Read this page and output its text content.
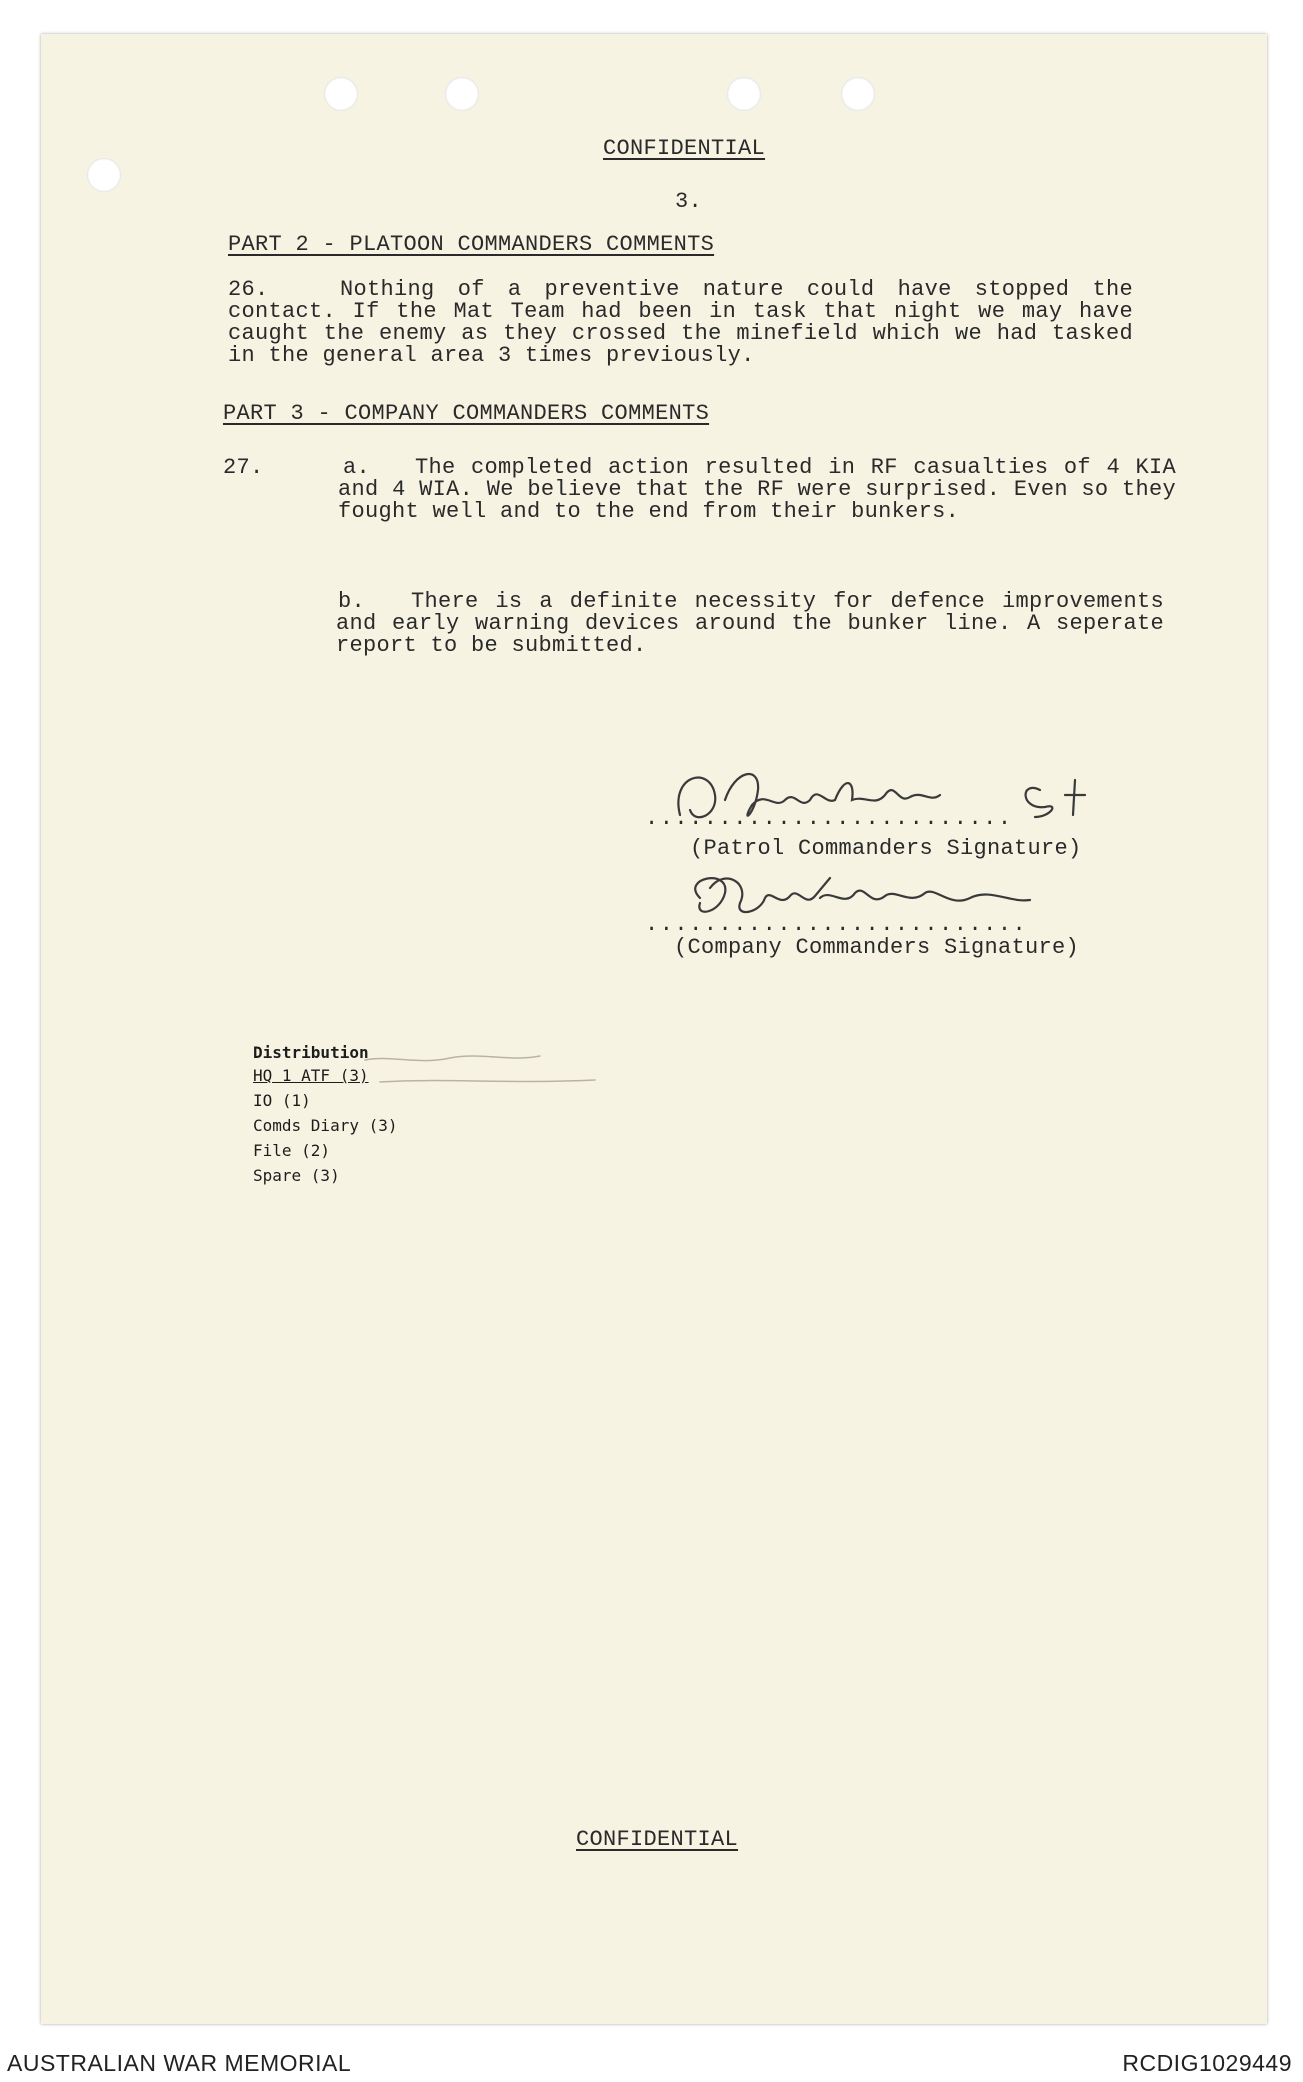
CONFIDENTIAL
3.
PART 2 - PLATOON COMMANDERS COMMENTS
26.	Nothing of a preventive nature could have stopped the contact. If the Mat Team had been in task that night we may have caught the enemy as they crossed the minefield which we had tasked in the general area 3 times previously.
PART 3 - COMPANY COMMANDERS COMMENTS
27.	a.	The completed action resulted in RF casualties of 4 KIA and 4 WIA. We believe that the RF were surprised. Even so they fought well and to the end from their bunkers.
b.	There is a definite necessity for defence improvements and early warning devices around the bunker line. A seperate report to be submitted.
.........................
(Patrol Commanders Signature)
..........................
(Company Commanders Signature)
Distribution
HQ 1 ATF (3)
IO (1)
Comds Diary (3)
File (2)
Spare (3)
CONFIDENTIAL
AUSTRALIAN WAR MEMORIAL	RCDIG1029449
